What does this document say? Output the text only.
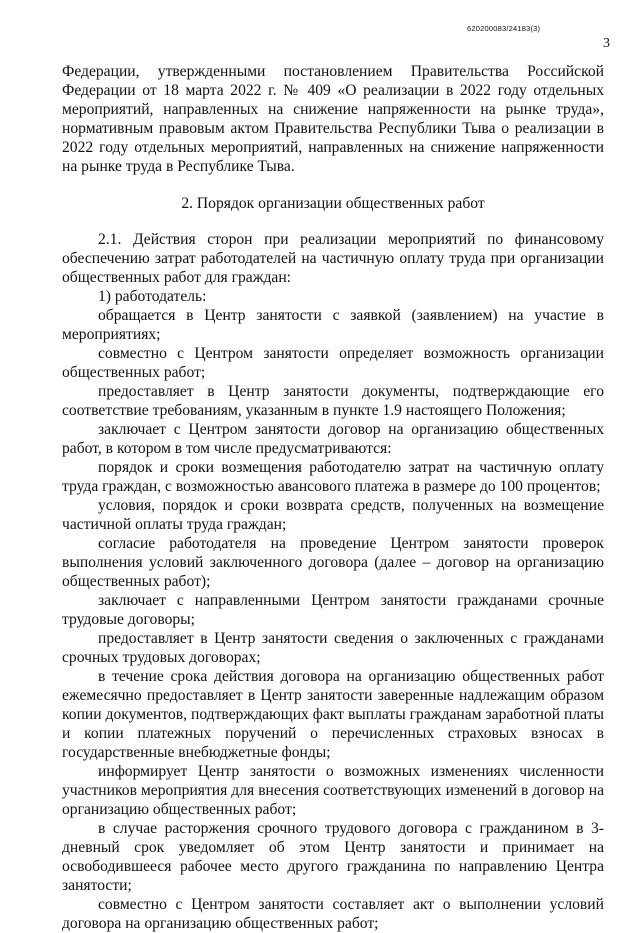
620200083/24183(3)
3

Федерации, утвержденными постановлением Правительства Российской Федерации от 18 марта 2022 г. № 409 «О реализации в 2022 году отдельных мероприятий, направленных на снижение напряженности на рынке труда», нормативным правовым актом Правительства Республики Тыва о реализации в 2022 году отдельных мероприятий, направленных на снижение напряженности на рынке труда в Республике Тыва.

2. Порядок организации общественных работ

2.1. Действия сторон при реализации мероприятий по финансовому обеспечению затрат работодателей на частичную оплату труда при организации общественных работ для граждан:

1) работодатель:

обращается в Центр занятости с заявкой (заявлением) на участие в мероприятиях;

совместно с Центром занятости определяет возможность организации общественных работ;

предоставляет в Центр занятости документы, подтверждающие его соответствие требованиям, указанным в пункте 1.9 настоящего Положения;

заключает с Центром занятости договор на организацию общественных работ, в котором в том числе предусматриваются:

порядок и сроки возмещения работодателю затрат на частичную оплату труда граждан, с возможностью авансового платежа в размере до 100 процентов;

условия, порядок и сроки возврата средств, полученных на возмещение частичной оплаты труда граждан;

согласие работодателя на проведение Центром занятости проверок выполнения условий заключенного договора (далее – договор на организацию общественных работ);

заключает с направленными Центром занятости гражданами срочные трудовые договоры;

предоставляет в Центр занятости сведения о заключенных с гражданами срочных трудовых договорах;

в течение срока действия договора на организацию общественных работ ежемесячно предоставляет в Центр занятости заверенные надлежащим образом копии документов, подтверждающих факт выплаты гражданам заработной платы и копии платежных поручений о перечисленных страховых взносах в государственные внебюджетные фонды;

информирует Центр занятости о возможных изменениях численности участников мероприятия для внесения соответствующих изменений в договор на организацию общественных работ;

в случае расторжения срочного трудового договора с гражданином в 3-дневный срок уведомляет об этом Центр занятости и принимает на освободившееся рабочее место другого гражданина по направлению Центра занятости;

совместно с Центром занятости составляет акт о выполнении условий договора на организацию общественных работ;
